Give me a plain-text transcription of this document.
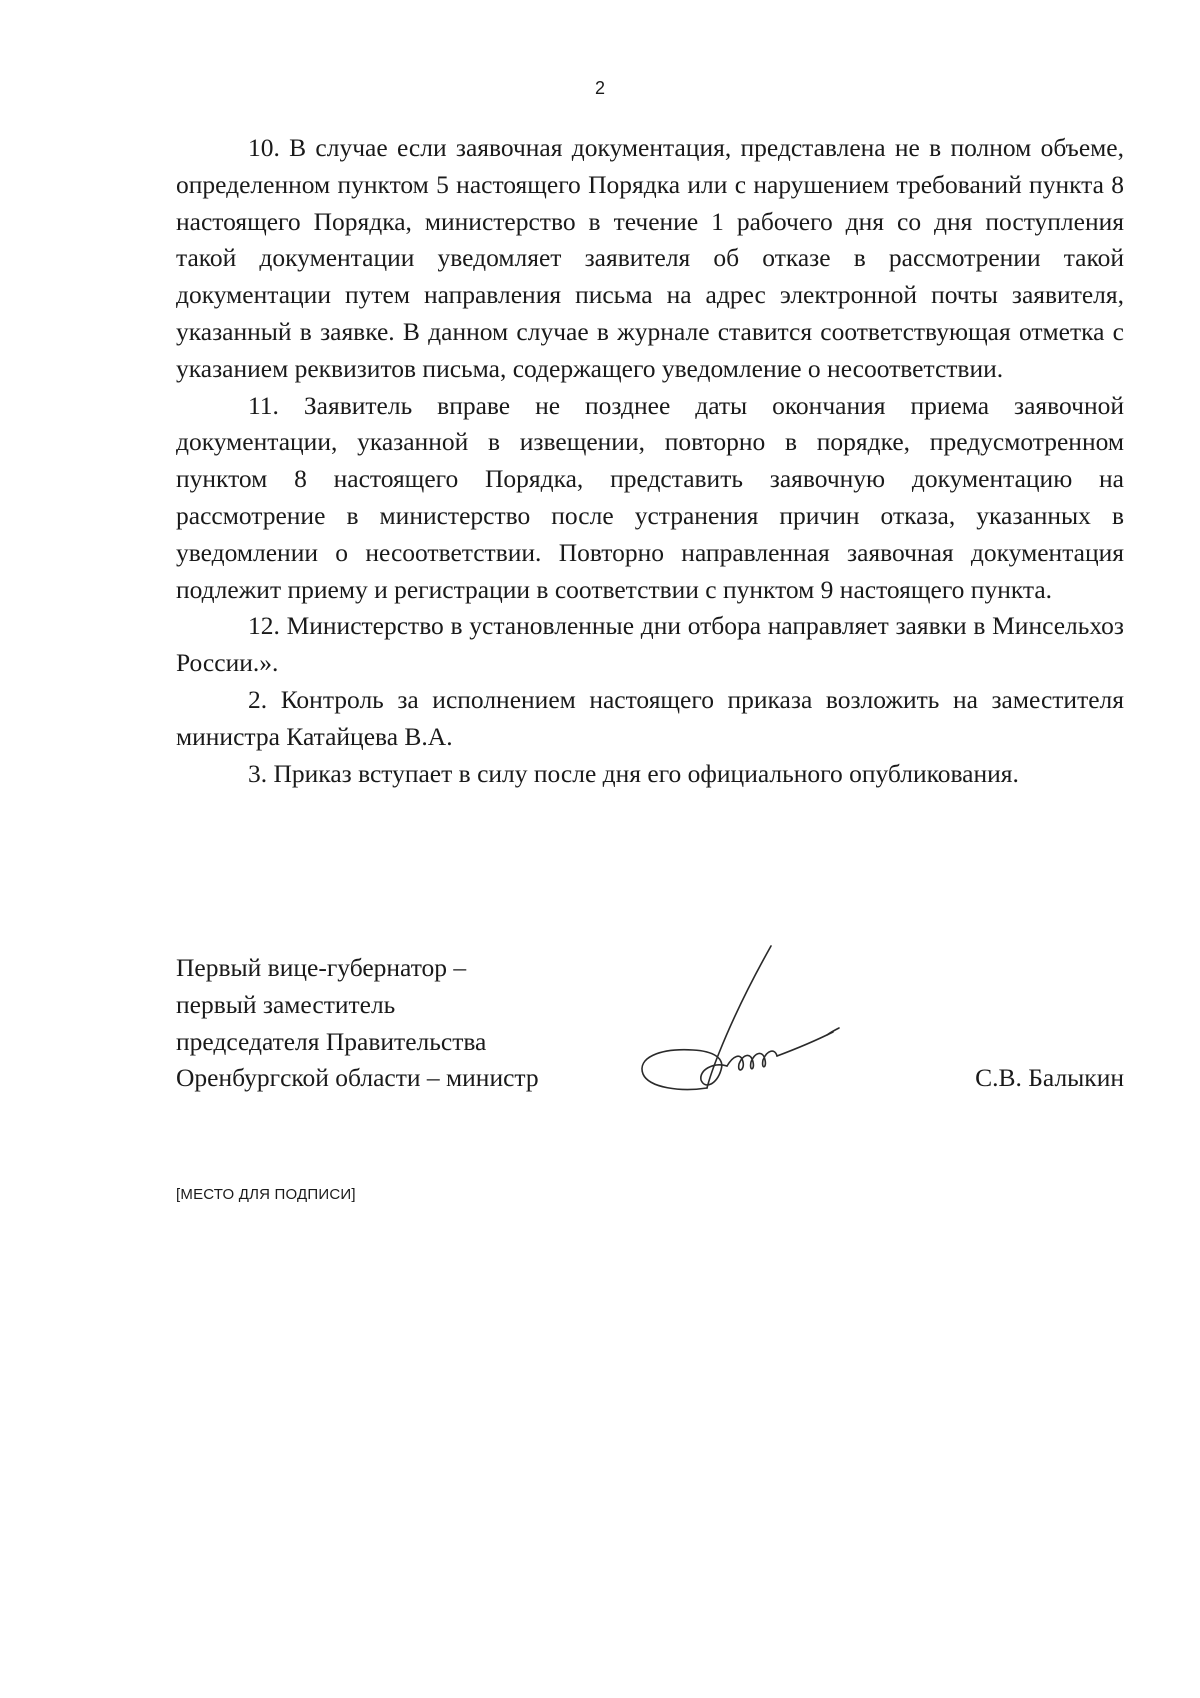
2

10. В случае если заявочная документация, представлена не в полном объеме, определенном пунктом 5 настоящего Порядка или с нарушением требований пункта 8 настоящего Порядка, министерство в течение 1 рабочего дня со дня поступления такой документации уведомляет заявителя об отказе в рассмотрении такой документации путем направления письма на адрес электронной почты заявителя, указанный в заявке. В данном случае в журнале ставится соответствующая отметка с указанием реквизитов письма, содержащего уведомление о несоответствии.

11. Заявитель вправе не позднее даты окончания приема заявочной документации, указанной в извещении, повторно в порядке, предусмотренном пунктом 8 настоящего Порядка, представить заявочную документацию на рассмотрение в министерство после устранения причин отказа, указанных в уведомлении о несоответствии. Повторно направленная заявочная документация подлежит приему и регистрации в соответствии с пунктом 9 настоящего пункта.

12. Министерство в установленные дни отбора направляет заявки в Минсельхоз России.».

2. Контроль за исполнением настоящего приказа возложить на заместителя министра Катайцева В.А.

3. Приказ вступает в силу после дня его официального опубликования.

Первый вице-губернатор –
первый заместитель
председателя Правительства
Оренбургской области – министр	С.В. Балыкин
[МЕСТО ДЛЯ ПОДПИСИ]
